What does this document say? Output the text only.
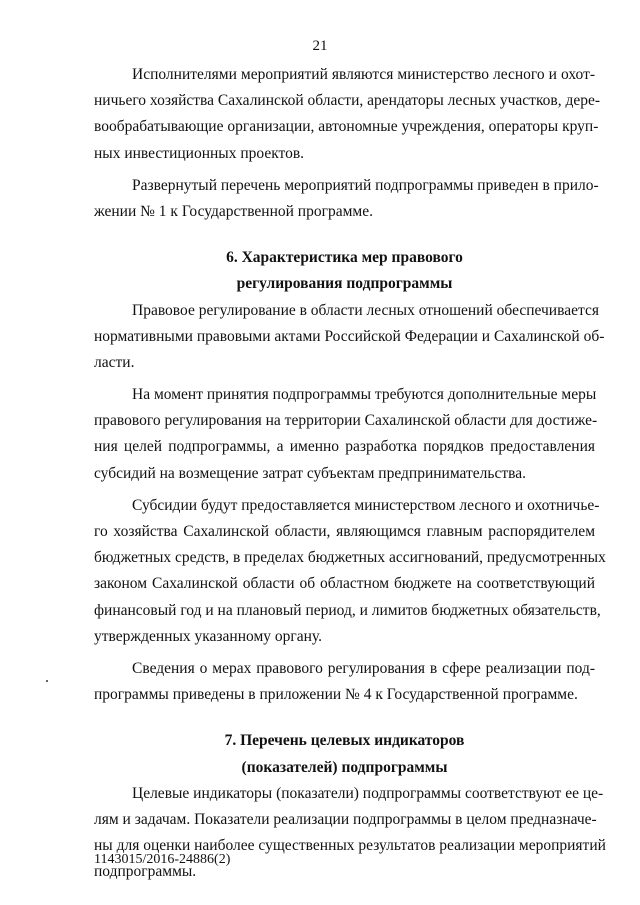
21
Исполнителями мероприятий являются министерство лесного и охот-
ничьего хозяйства Сахалинской области, арендаторы лесных участков, дере-
вообрабатывающие организации, автономные учреждения, операторы круп-
ных инвестиционных проектов.
Развернутый перечень мероприятий подпрограммы приведен в прило-
жении № 1 к Государственной программе.
6. Характеристика мер правового
регулирования подпрограммы
Правовое регулирование в области лесных отношений обеспечивается
нормативными правовыми актами Российской Федерации и Сахалинской об-
ласти.
На момент принятия подпрограммы требуются дополнительные меры
правового регулирования на территории Сахалинской области для достиже-
ния целей подпрограммы, а именно разработка порядков предоставления
субсидий на возмещение затрат субъектам предпринимательства.
Субсидии будут предоставляется министерством лесного и охотничье-
го хозяйства Сахалинской области, являющимся главным распорядителем
бюджетных средств, в пределах бюджетных ассигнований, предусмотренных
законом Сахалинской области об областном бюджете на соответствующий
финансовый год и на плановый период, и лимитов бюджетных обязательств,
утвержденных указанному органу.
Сведения о мерах правового регулирования в сфере реализации под-
программы приведены в приложении № 4 к Государственной программе.
7. Перечень целевых индикаторов
(показателей) подпрограммы
Целевые индикаторы (показатели) подпрограммы соответствуют ее це-
лям и задачам. Показатели реализации подпрограммы в целом предназначе-
ны для оценки наиболее существенных результатов реализации мероприятий
подпрограммы.
1143015/2016-24886(2)
